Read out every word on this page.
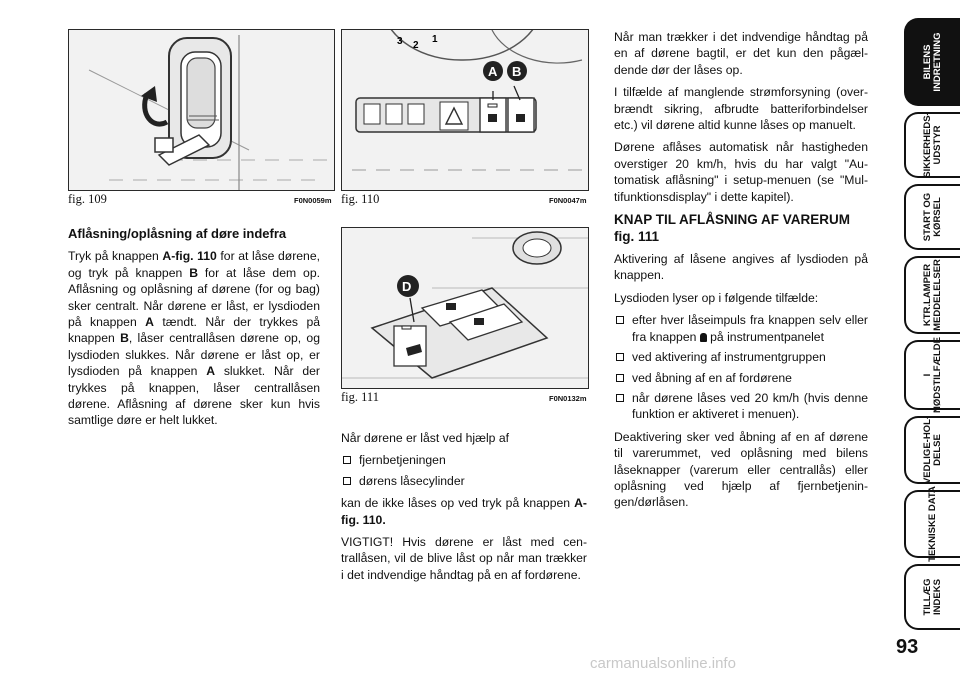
fig. 109	F0N0059m
3 2
1
A B
fig. 110	F0N0047m
D
fig. 111	F0N0132m
Aflåsning/oplåsning af døre indefra

Tryk på knappen A-fig. 110 for at låse dørene, og tryk på knappen B for at låse dem op. Aflåsning og oplåsning af dørene (for og bag) sker centralt. Når dørene er låst, er lysdioden på knappen A tændt. Når der trykkes på knappen B, låser centrallåsen dørene op, og lysdioden slukkes. Når dørene er låst op, er lysdioden på knappen A slukket. Når der trykkes på knappen, låser centrallåsen dørene. Aflåsning af dørene sker kun hvis samtlige døre er helt lukket.

Når dørene er låst ved hjælp af

fjernbetjeningen
dørens låsecylinder

kan de ikke låses op ved tryk på knappen A-fig. 110.

VIGTIGT! Hvis dørene er låst med centrallåsen, vil de blive låst op når man trækker i det indvendige håndtag på en af fordørene.

Når man trækker i det indvendige håndtag på en af dørene bagtil, er det kun den pågældende dør der låses op.

I tilfælde af manglende strømforsyning (overbrændt sikring, afbrudte batteriforbindelser etc.) vil dørene altid kunne låses op manuelt.

Dørene aflåses automatisk når hastigheden overstiger 20 km/h, hvis du har valgt "Automatisk aflåsning" i setup-menuen (se "Multifunktionsdisplay" i dette kapitel).

KNAP TIL AFLÅSNING AF VARERUM fig. 111

Aktivering af låsene angives af lysdioden på knappen.

Lysdioden lyser op i følgende tilfælde:

efter hver låseimpuls fra knappen selv eller fra knappen  på instrumentpanelet
ved aktivering af instrumentgruppen
ved åbning af en af fordørene
når dørene låses ved 20 km/h (hvis denne funktion er aktiveret i menuen).

Deaktivering sker ved åbning af en af dørene til varerummet, ved oplåsning med bilens låseknapper (varerum eller centrallås) eller oplåsning ved hjælp af fjernbetjeningen/dørlåsen.

BILENS
INDRETNING
SIKKERHEDS-
UDSTYR
START OG
KØRSEL
KTR.LAMPER
MEDDELELSER
I
NØDSTILFÆLDE
VEDLIGE-HOL-
DELSE
TEKNISKE DATA
TILLÆG
INDEKS
93
carmanualsonline.info
